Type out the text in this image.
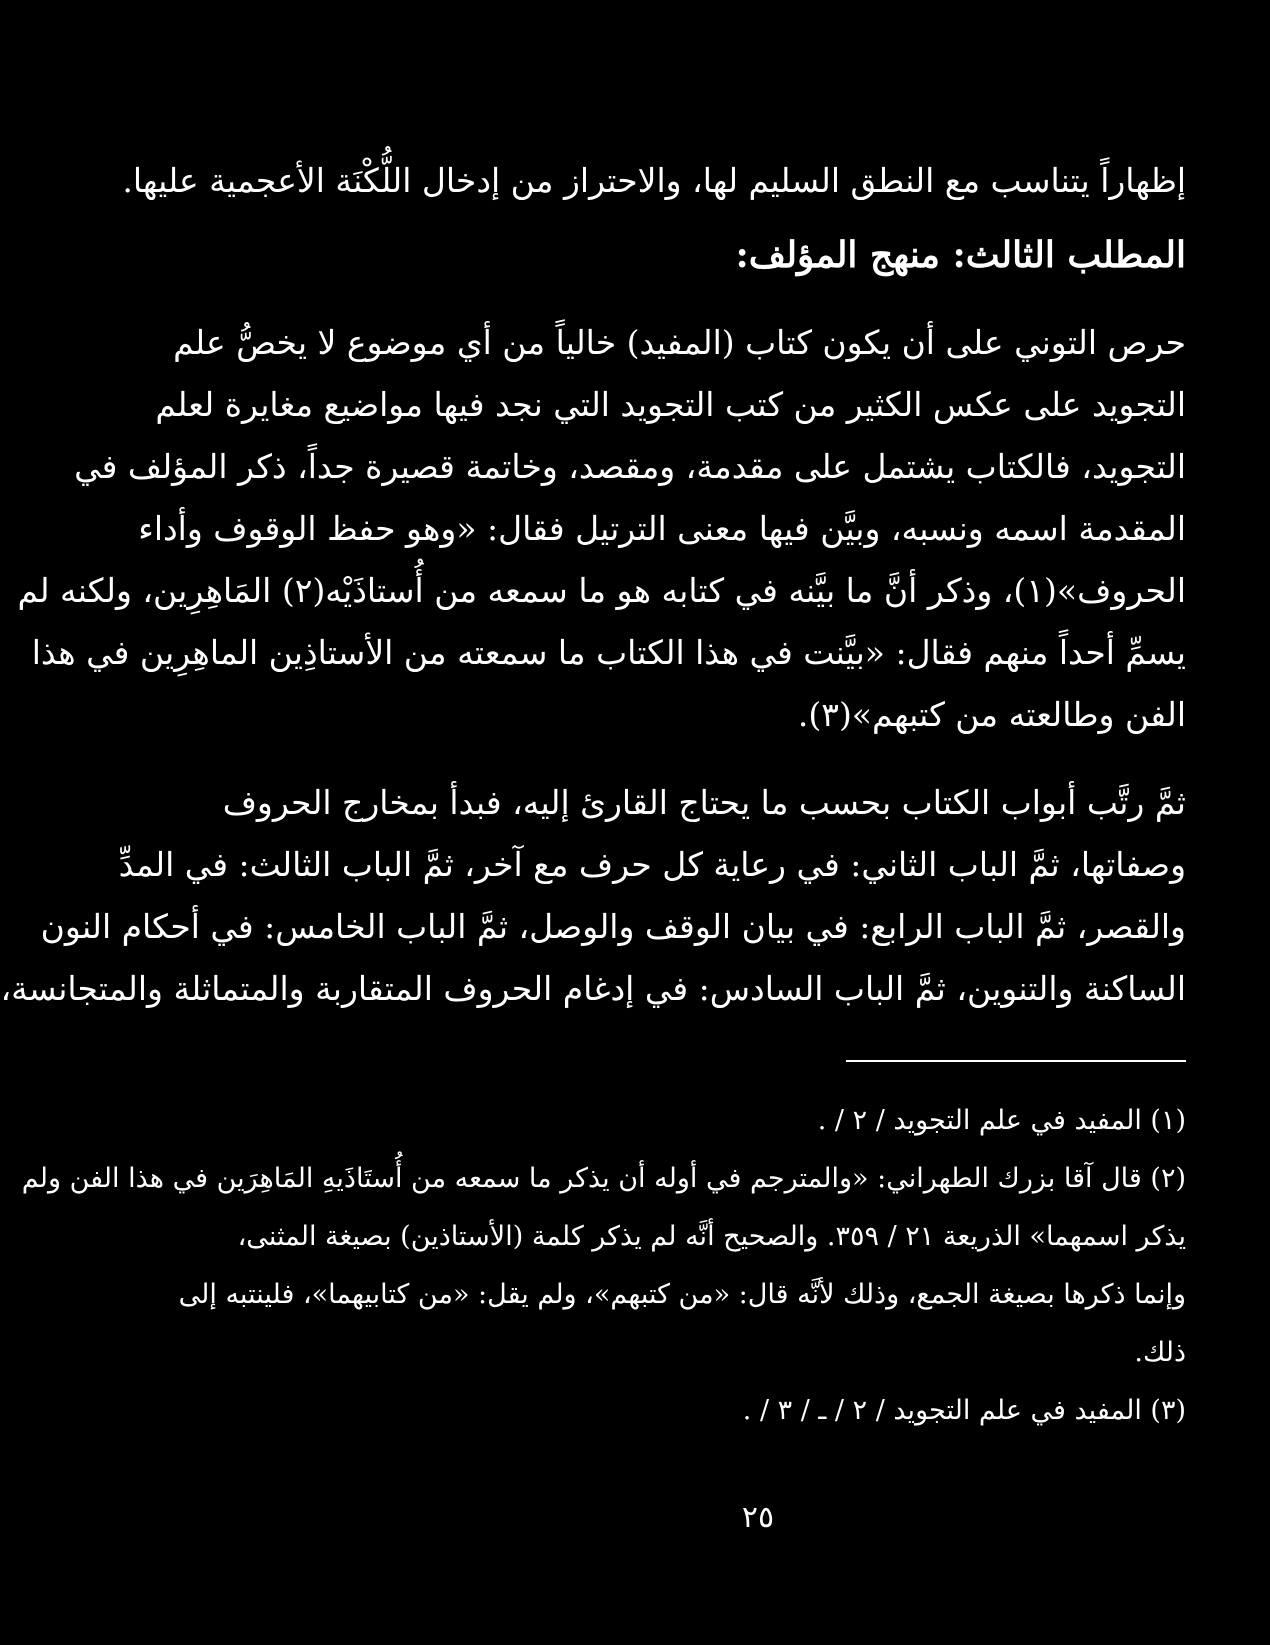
إظهاراً يتناسب مع النطق السليم لها، والاحتراز من إدخال اللُّكْنَة الأعجمية عليها.

المطلب الثالث: منهج المؤلف:

حرص التوني على أن يكون كتاب (المفيد) خالياً من أي موضوع لا يخصُّ علم

التجويد على عكس الكثير من كتب التجويد التي نجد فيها مواضيع مغايرة لعلم

التجويد، فالكتاب يشتمل على مقدمة، ومقصد، وخاتمة قصيرة جداً، ذكر المؤلف في

المقدمة اسمه ونسبه، وبيَّن فيها معنى الترتيل فقال: «وهو حفظ الوقوف وأداء

الحروف»(١)، وذكر أنَّ ما بيَّنه في كتابه هو ما سمعه من أُستاذَيْه(٢) المَاهِرِين، ولكنه لم

يسمِّ أحداً منهم فقال: «بيَّنت في هذا الكتاب ما سمعته من الأستاذِين الماهِرِين في هذا

الفن وطالعته من كتبهم»(٣).

ثمَّ رتَّب أبواب الكتاب بحسب ما يحتاج القارئ إليه، فبدأ بمخارج الحروف

وصفاتها، ثمَّ الباب الثاني: في رعاية كل حرف مع آخر، ثمَّ الباب الثالث: في المدِّ

والقصر، ثمَّ الباب الرابع: في بيان الوقف والوصل، ثمَّ الباب الخامس: في أحكام النون

الساكنة والتنوين، ثمَّ الباب السادس: في إدغام الحروف المتقاربة والمتماثلة والمتجانسة،

(١) المفيد في علم التجويد / ٢ / .

(٢) قال آقا بزرك الطهراني: «والمترجم في أوله أن يذكر ما سمعه من أُستَاذَيهِ المَاهِرَين في هذا الفن ولم

يذكر اسمهما» الذريعة ٢١ / ٣٥٩. والصحيح أنَّه لم يذكر كلمة (الأستاذين) بصيغة المثنى،

وإنما ذكرها بصيغة الجمع، وذلك لأنَّه قال: «من كتبهم»، ولم يقل: «من كتابيهما»، فلينتبه إلى

ذلك.

(٣) المفيد في علم التجويد / ٢ / ـ / ٣ / .

٢٥
